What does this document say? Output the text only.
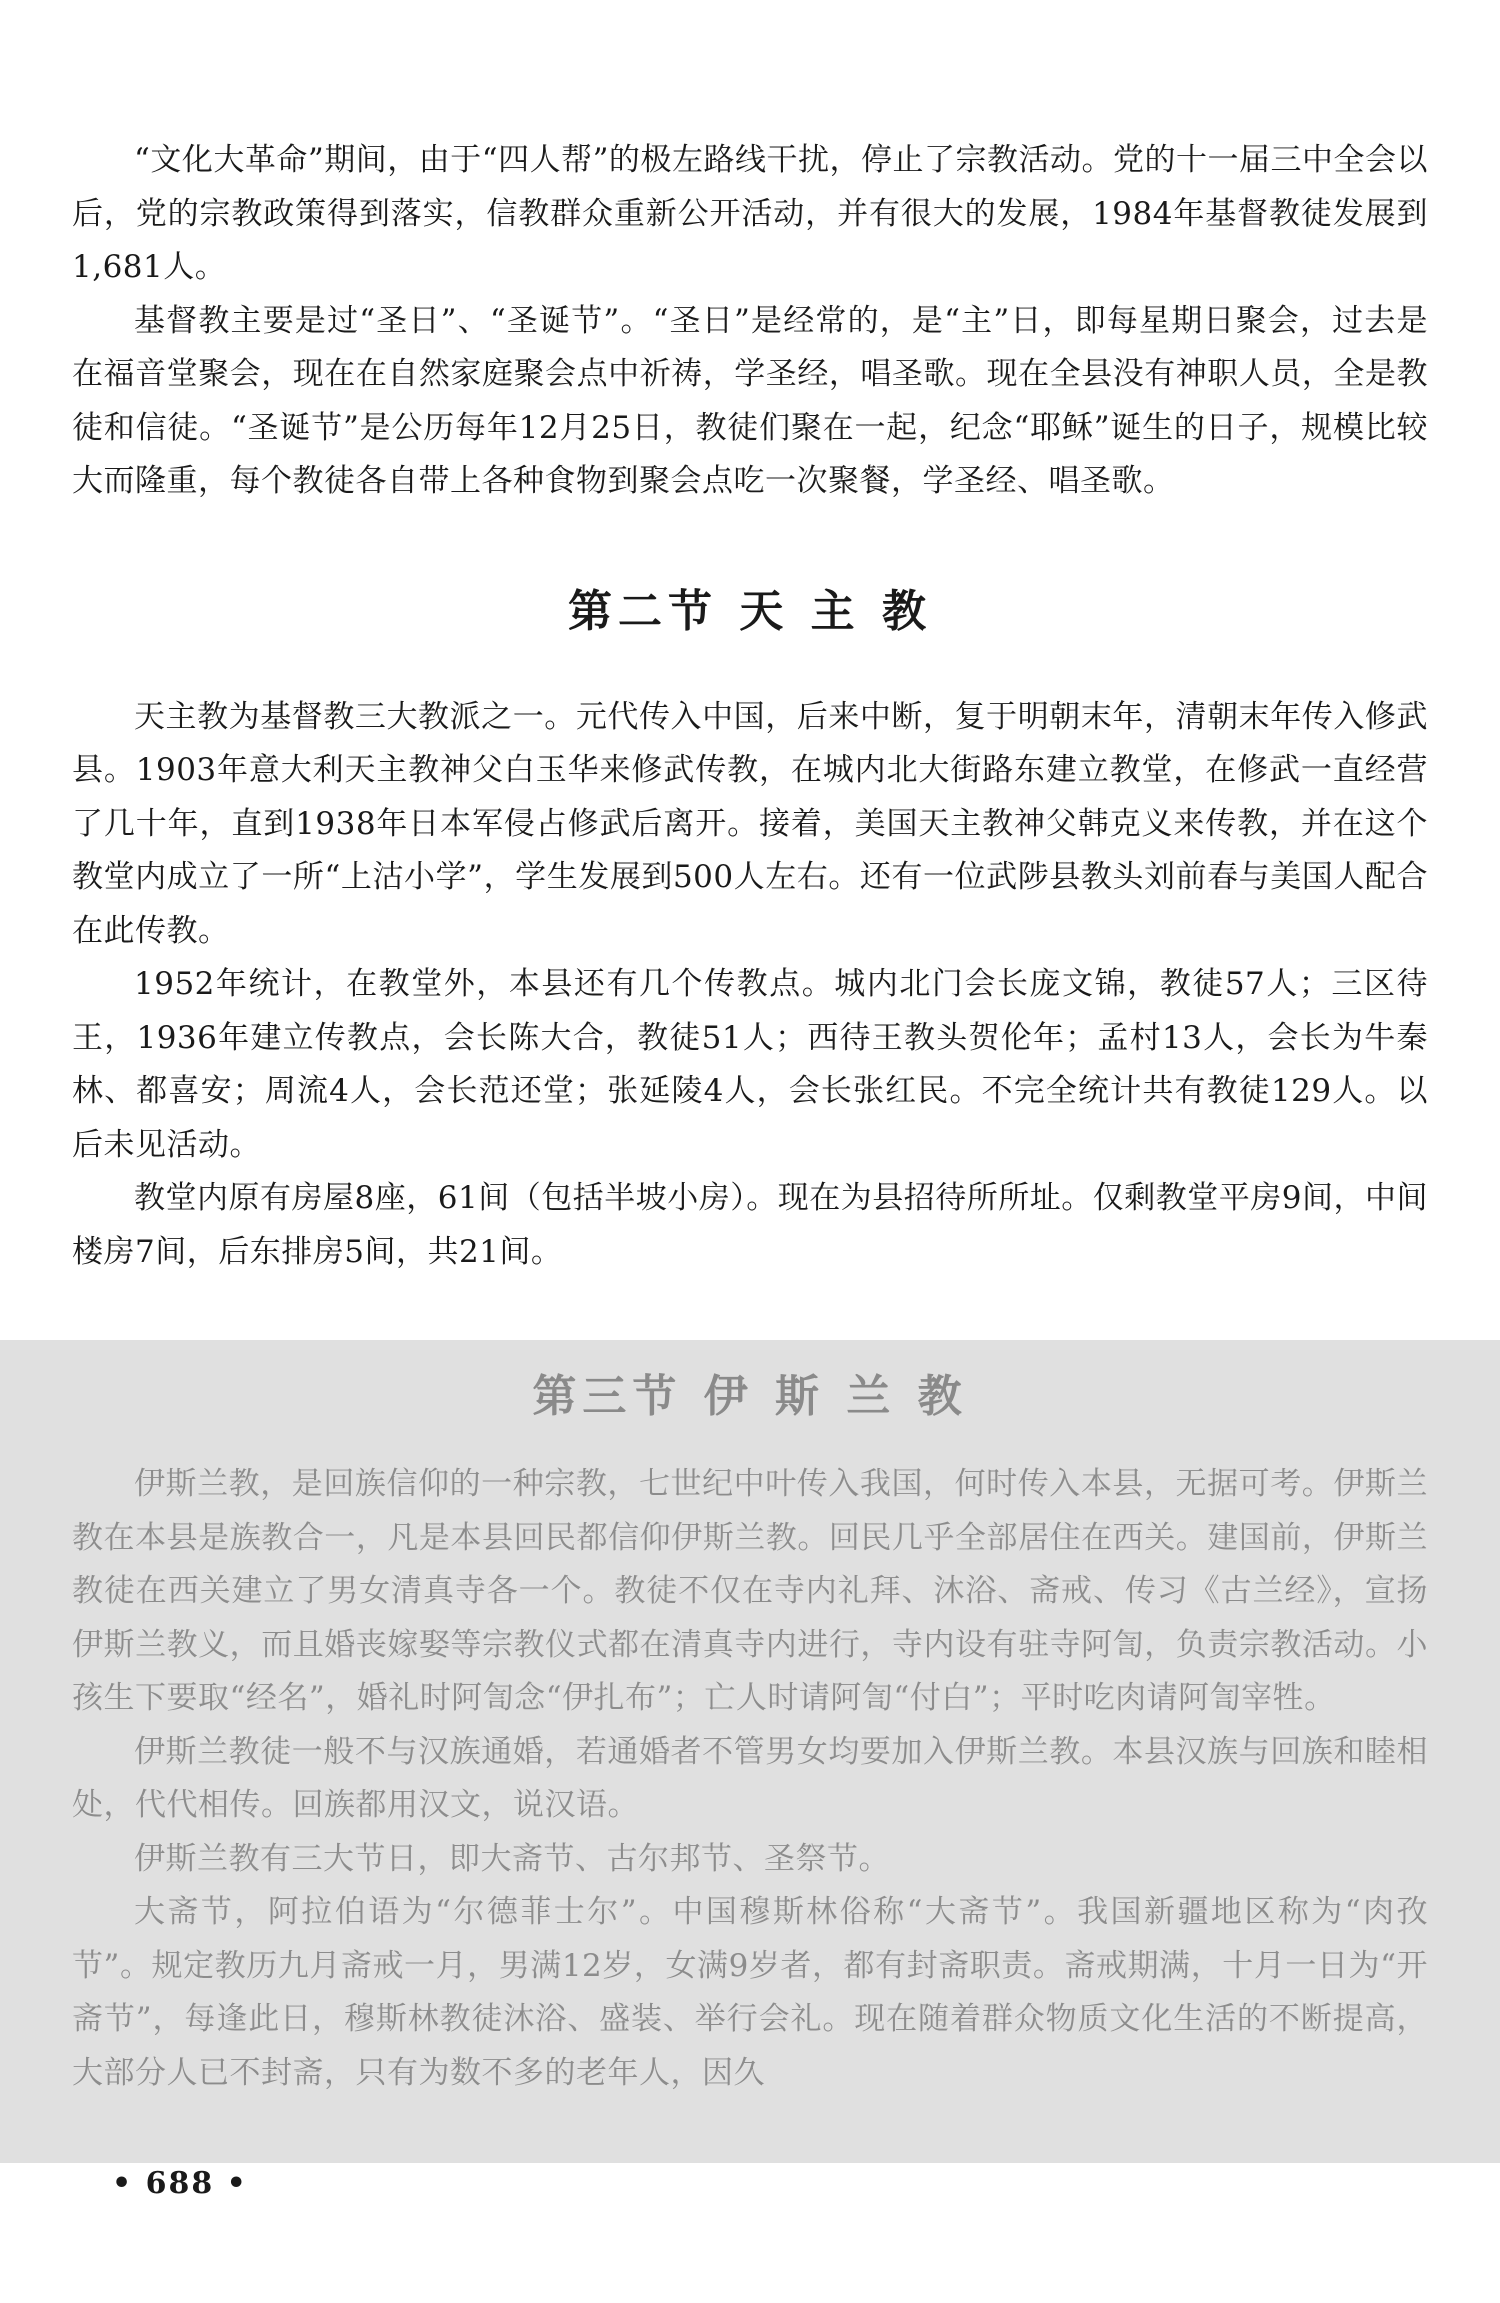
“文化大革命”期间，由于“四人帮”的极左路线干扰，停止了宗教活动。党的十一届三中全会以后，党的宗教政策得到落实，信教群众重新公开活动，并有很大的发展，1984年基督教徒发展到1,681人。

基督教主要是过“圣日”、“圣诞节”。“圣日”是经常的，是“主”日，即每星期日聚会，过去是在福音堂聚会，现在在自然家庭聚会点中祈祷，学圣经，唱圣歌。现在全县没有神职人员，全是教徒和信徒。“圣诞节”是公历每年12月25日，教徒们聚在一起，纪念“耶稣”诞生的日子，规模比较大而隆重，每个教徒各自带上各种食物到聚会点吃一次聚餐，学圣经、唱圣歌。

第二节 天 主 教

天主教为基督教三大教派之一。元代传入中国，后来中断，复于明朝末年，清朝末年传入修武县。1903年意大利天主教神父白玉华来修武传教，在城内北大街路东建立教堂，在修武一直经营了几十年，直到1938年日本军侵占修武后离开。接着，美国天主教神父韩克义来传教，并在这个教堂内成立了一所“上沽小学”，学生发展到500人左右。还有一位武陟县教头刘前春与美国人配合在此传教。

1952年统计，在教堂外，本县还有几个传教点。城内北门会长庞文锦，教徒57人；三区待王，1936年建立传教点，会长陈大合，教徒51人；西待王教头贺伦年；孟村13人，会长为牛秦林、都喜安；周流4人，会长范还堂；张延陵4人，会长张红民。不完全统计共有教徒129人。以后未见活动。

教堂内原有房屋8座，61间（包括半坡小房）。现在为县招待所所址。仅剩教堂平房9间，中间楼房7间，后东排房5间，共21间。

第三节 伊 斯 兰 教

伊斯兰教，是回族信仰的一种宗教，七世纪中叶传入我国，何时传入本县，无据可考。伊斯兰教在本县是族教合一，凡是本县回民都信仰伊斯兰教。回民几乎全部居住在西关。建国前，伊斯兰教徒在西关建立了男女清真寺各一个。教徒不仅在寺内礼拜、沐浴、斋戒、传习《古兰经》，宣扬伊斯兰教义，而且婚丧嫁娶等宗教仪式都在清真寺内进行，寺内设有驻寺阿訇，负责宗教活动。小孩生下要取“经名”，婚礼时阿訇念“伊扎布”；亡人时请阿訇“付白”；平时吃肉请阿訇宰牲。

伊斯兰教徒一般不与汉族通婚，若通婚者不管男女均要加入伊斯兰教。本县汉族与回族和睦相处，代代相传。回族都用汉文，说汉语。

伊斯兰教有三大节日，即大斋节、古尔邦节、圣祭节。

大斋节，阿拉伯语为“尔德菲士尔”。中国穆斯林俗称“大斋节”。我国新疆地区称为“肉孜节”。规定教历九月斋戒一月，男满12岁，女满9岁者，都有封斋职责。斋戒期满，十月一日为“开斋节”，每逢此日，穆斯林教徒沐浴、盛装、举行会礼。现在随着群众物质文化生活的不断提高，大部分人已不封斋，只有为数不多的老年人，因久

• 688 •
